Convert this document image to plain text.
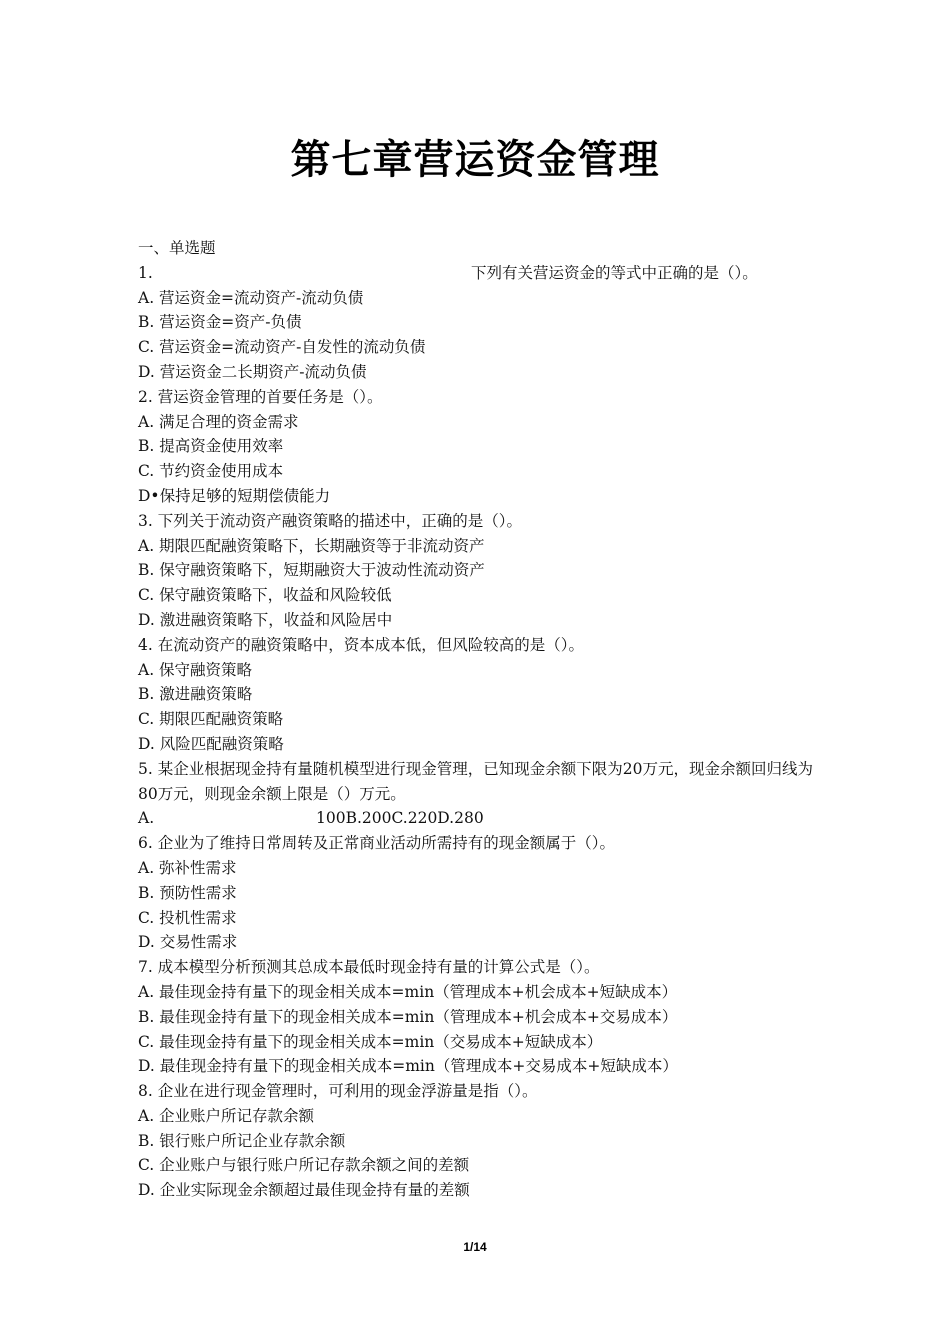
第七章营运资金管理
一、单选题
1.	下列有关营运资金的等式中正确的是（）。
A. 营运资金=流动资产-流动负债
B. 营运资金=资产-负债
C. 营运资金=流动资产-自发性的流动负债
D. 营运资金二长期资产-流动负债
2. 营运资金管理的首要任务是（）。
A. 满足合理的资金需求
B. 提高资金使用效率
C. 节约资金使用成本
D•保持足够的短期偿债能力
3. 下列关于流动资产融资策略的描述中，正确的是（）。
A. 期限匹配融资策略下，长期融资等于非流动资产
B. 保守融资策略下，短期融资大于波动性流动资产
C. 保守融资策略下，收益和风险较低
D. 激进融资策略下，收益和风险居中
4. 在流动资产的融资策略中，资本成本低，但风险较高的是（）。
A. 保守融资策略
B. 激进融资策略
C. 期限匹配融资策略
D. 风险匹配融资策略
5. 某企业根据现金持有量随机模型进行现金管理，已知现金余额下限为20万元，现金余额回归线为80万元，则现金余额上限是（）万元。
A.	100B.200C.220D.280
6. 企业为了维持日常周转及正常商业活动所需持有的现金额属于（）。
A. 弥补性需求
B. 预防性需求
C. 投机性需求
D. 交易性需求
7. 成本模型分析预测其总成本最低时现金持有量的计算公式是（）。
A. 最佳现金持有量下的现金相关成本=min（管理成本+机会成本+短缺成本）
B. 最佳现金持有量下的现金相关成本=min（管理成本+机会成本+交易成本）
C. 最佳现金持有量下的现金相关成本=min（交易成本+短缺成本）
D. 最佳现金持有量下的现金相关成本=min（管理成本+交易成本+短缺成本）
8. 企业在进行现金管理时，可利用的现金浮游量是指（）。
A. 企业账户所记存款余额
B. 银行账户所记企业存款余额
C. 企业账户与银行账户所记存款余额之间的差额
D. 企业实际现金余额超过最佳现金持有量的差额
1/14
